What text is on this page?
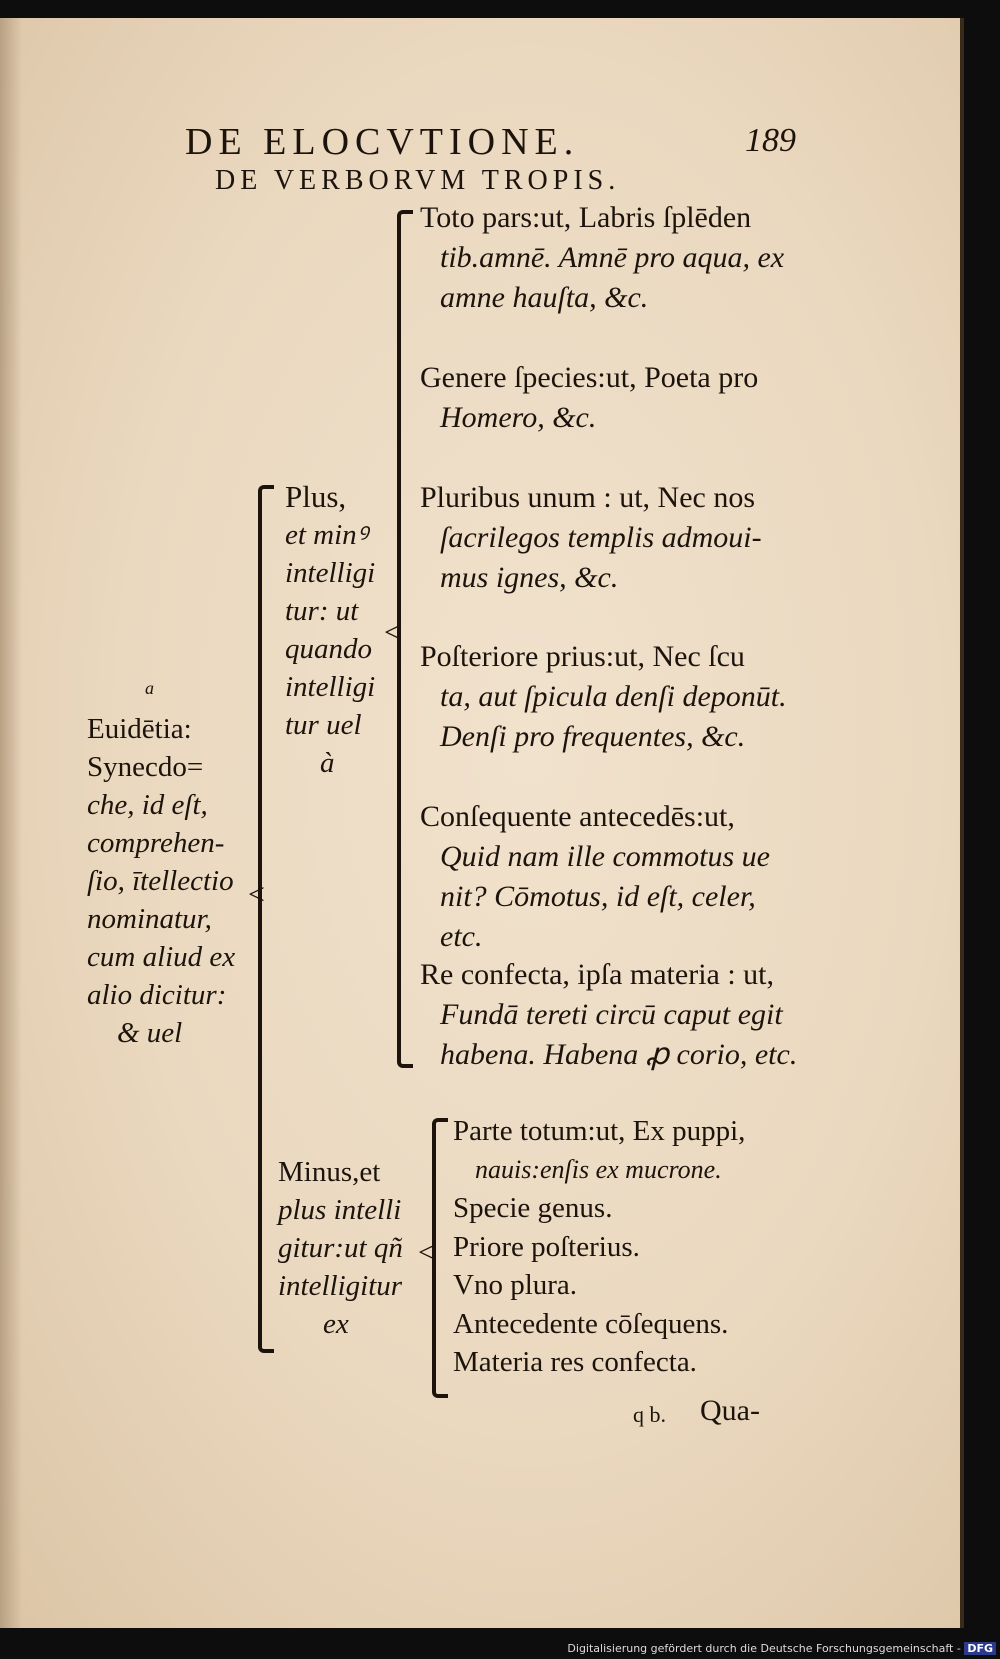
DE ELOCVTIONE.	189
DE VERBORVM TROPIS.
a
Euidētia:
Synecdo=
che, id eſt,
comprehen-
ſio, ītellectio
nominatur,
cum aliud ex
alio dicitur:
& uel
<
Plus,
et minꝰ
intelligi
tur: ut
quando
intelligi
tur uel
à
<
Toto pars:ut, Labris ſplēden
tib.amnē. Amnē pro aqua, ex
amne hauſta, &c.
Genere ſpecies:ut, Poeta pro
Homero, &c.
Pluribus unum : ut, Nec nos
ſacrilegos templis admoui-
mus ignes, &c.
Poſteriore prius:ut, Nec ſcu
ta, aut ſpicula denſi deponūt.
Denſi pro frequentes, &c.
Conſequente antecedēs:ut,
Quid nam ille commotus ue
nit? Cōmotus, id eſt, celer, etc.
Re confecta, ipſa materia : ut,
Fundā tereti circū caput egit
habena. Habena ꝓ corio, etc.
Minus,et
plus intelli
gitur:ut qñ
intelligitur
ex
<
Parte totum:ut, Ex puppi,
nauis:enſis ex mucrone.
Specie genus.
Priore poſterius.
Vno plura.
Antecedente cōſequens.
Materia res confecta.
q b. Qua-
Digitalisierung gefördert durch die Deutsche Forschungsgemeinschaft - DFG
